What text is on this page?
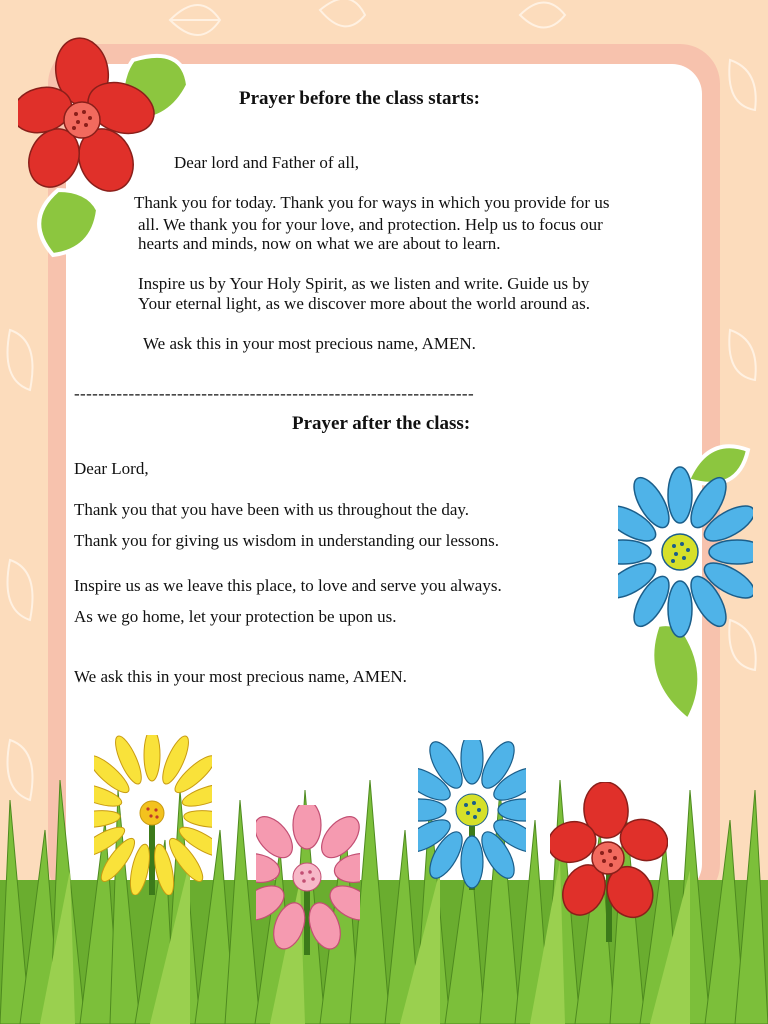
Prayer before the class starts:
Dear lord and Father of all,
Thank you for today. Thank you for ways in which you provide for us
all. We thank you for your love, and protection. Help us to focus our
hearts and minds, now on what we are about to learn.
Inspire us by Your Holy Spirit, as we listen and write. Guide us by
Your eternal light, as we discover more about the world around as.
We ask this in your most precious name, AMEN.
------------------------------------------------------------------
Prayer after the class:
Dear Lord,
Thank you that you have been with us throughout the day.
Thank you for giving us wisdom in understanding our lessons.
Inspire us as we leave this place, to love and serve you always.
As we go home, let your protection be upon us.
We ask this in your most precious name, AMEN.
